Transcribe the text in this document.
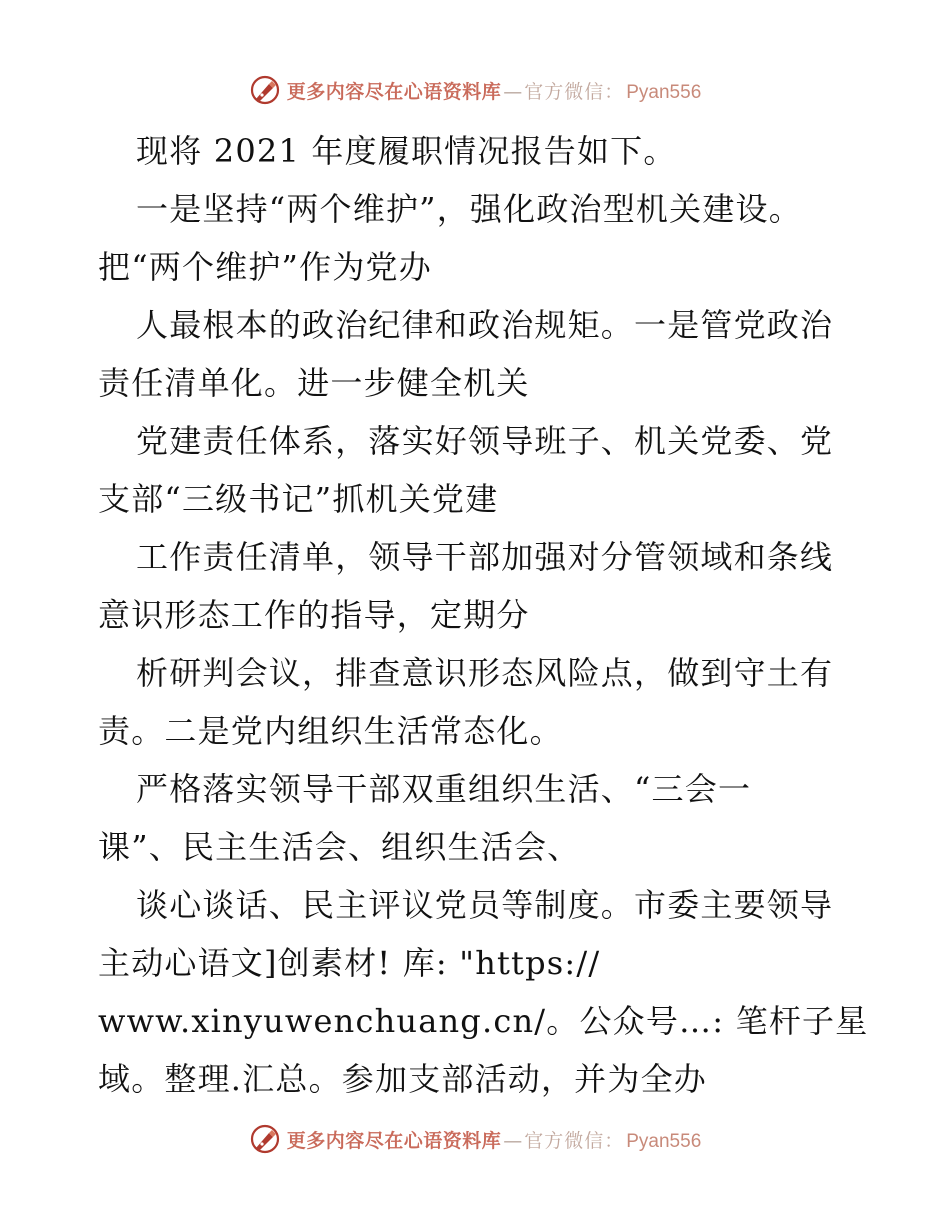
更多内容尽在心语资料库 — 官方微信： Pyan556
现将 2021 年度履职情况报告如下。
一是坚持“两个维护”，强化政治型机关建设。
把“两个维护”作为党办
人最根本的政治纪律和政治规矩。一是管党政治
责任清单化。进一步健全机关
党建责任体系，落实好领导班子、机关党委、党
支部“三级书记”抓机关党建
工作责任清单，领导干部加强对分管领域和条线
意识形态工作的指导，定期分
析研判会议，排查意识形态风险点，做到守土有
责。二是党内组织生活常态化。
严格落实领导干部双重组织生活、“三会一
课”、民主生活会、组织生活会、
谈心谈话、民主评议党员等制度。市委主要领导
主动心语文]创素材! 库: "https://
www.xinyuwenchuang.cn/。公众号…: 笔杆子星
域。整理.汇总。参加支部活动，并为全办
更多内容尽在心语资料库 — 官方微信： Pyan556
